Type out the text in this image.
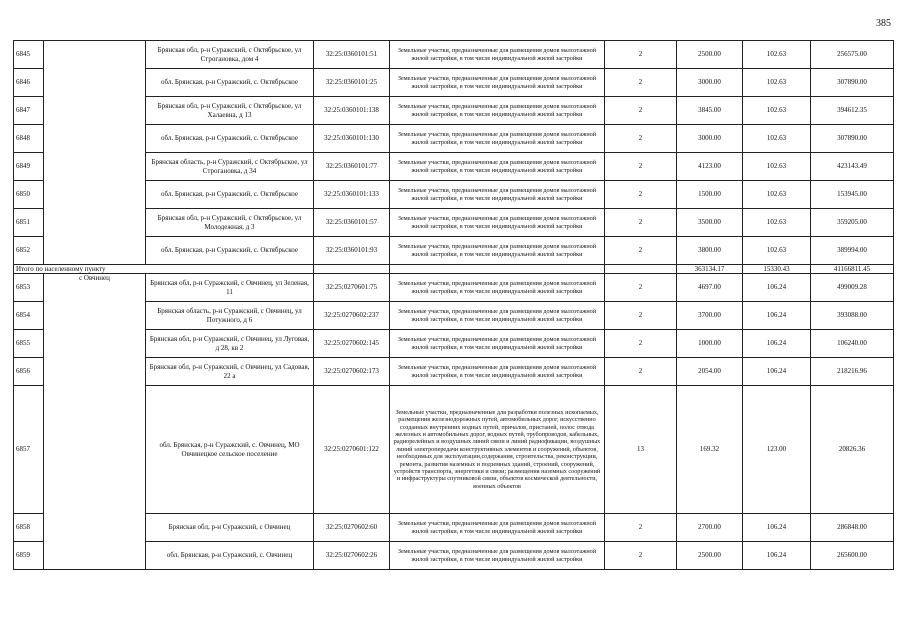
385
6845		Брянская обл, р-н Суражский, с Октябрьское, ул Строгановка, дом 4	32:25:0360101:51	Земельные участки, предназначенные для размещения домов малоэтажной жилой застройки, в том числе индивидуальной жилой застройки	2	2500.00	102.63	256575.00
6846		обл. Брянская, р-н Суражский, с. Октябрьское	32:25:0360101:25	Земельные участки, предназначенные для размещения домов малоэтажной жилой застройки, в том числе индивидуальной жилой застройки	2	3000.00	102.63	307890.00
6847		Брянская обл, р-н Суражский, с Октябрьское, ул Халаевна, д 13	32:25:0360101:138	Земельные участки, предназначенные для размещения домов малоэтажной жилой застройки, в том числе индивидуальной жилой застройки	2	3845.00	102.63	394612.35
6848		обл. Брянская, р-н Суражский, с. Октябрьское	32:25:0360101:130	Земельные участки, предназначенные для размещения домов малоэтажной жилой застройки, в том числе индивидуальной жилой застройки	2	3000.00	102.63	307890.00
6849		Брянская область, р-н Суражский, с Октябрьское, ул Строгановка, д 34	32:25:0360101:77	Земельные участки, предназначенные для размещения домов малоэтажной жилой застройки, в том числе индивидуальной жилой застройки	2	4123.00	102.63	423143.49
6850		обл. Брянская, р-н Суражский, с. Октябрьское	32:25:0360101:133	Земельные участки, предназначенные для размещения домов малоэтажной жилой застройки, в том числе индивидуальной жилой застройки	2	1500.00	102.63	153945.00
6851		Брянская обл, р-н Суражский, с Октябрьское, ул Молодежная, д 3	32:25:0360101:57	Земельные участки, предназначенные для размещения домов малоэтажной жилой застройки, в том числе индивидуальной жилой застройки	2	3500.00	102.63	359205.00
6852		обл. Брянская, р-н Суражский, с. Октябрьское	32:25:0360101:93	Земельные участки, предназначенные для размещения домов малоэтажной жилой застройки, в том числе индивидуальной жилой застройки	2	3800.00	102.63	389994.00
Итого по населенному пункту						363134.17	15330.43	41166811.45
6853	с Овчинец	Брянская обл, р-н Суражский, с Овчинец, ул Зеленая, 11	32:25:0270601:75	Земельные участки, предназначенные для размещения домов малоэтажной жилой застройки, в том числе индивидуальной жилой застройки	2	4697.00	106.24	499009.28
6854		Брянская область, р-н Суражский, с Овчинец, ул Потужного, д 6	32:25:0270602:237	Земельные участки, предназначенные для размещения домов малоэтажной жилой застройки, в том числе индивидуальной жилой застройки	2	3700.00	106.24	393088.00
6855		Брянская обл, р-н Суражский, с Овчинец, ул Луговая, д 28, кв 2	32:25:0270602:145	Земельные участки, предназначенные для размещения домов малоэтажной жилой застройки, в том числе индивидуальной жилой застройки	2	1000.00	106.24	106240.00
6856		Брянская обл, р-н Суражский, с Овчинец, ул Садовая, 22 а	32:25:0270602:173	Земельные участки, предназначенные для размещения домов малоэтажной жилой застройки, в том числе индивидуальной жилой застройки	2	2054.00	106.24	218216.96
6857		обл. Брянская, р-н Суражский, с. Овчинец, МО Овчинецкое сельское поселение	32:25:0270601:122	Земельные участки, предназначенные для разработки полезных ископаемых, размещения железнодорожных путей, автомобильных дорог, искусственно созданных внутренних водных путей, причалов, пристаней, полос отвода железных и автомобильных дорог, водных путей, трубопроводов, кабельных, радиорелейных и воздушных линий связи и линий радиофикации, воздушных линий электропередачи конструктивных элементов и сооружений, объектов, необходимых для эксплуатации,содержания, строительства, реконструкции, ремонта, развития наземных и подземных зданий, строений, сооружений, устройств транспорта, энергетики и связи; размещения наземных сооружений и инфраструктуры спутниковой связи, объектов космической деятельности, военных объектов	13	169.32	123.00	20826.36
6858		Брянская обл, р-н Суражский, с Овчинец	32:25:0270602:60	Земельные участки, предназначенные для размещения домов малоэтажной жилой застройки, в том числе индивидуальной жилой застройки	2	2700.00	106.24	286848.00
6859		обл. Брянская, р-н Суражский, с. Овчинец	32:25:0270602:26	Земельные участки, предназначенные для размещения домов малоэтажной жилой застройки, в том числе индивидуальной жилой застройки	2	2500.00	106.24	265600.00
